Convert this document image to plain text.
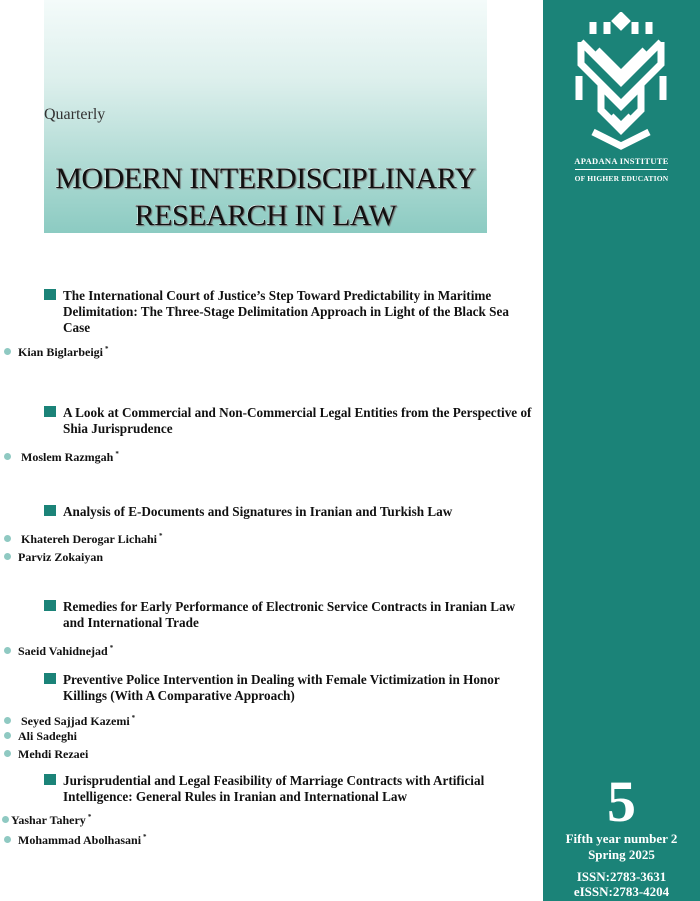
Quarterly
MODERN INTERDISCIPLINARY
RESEARCH IN LAW
APADANA INSTITUTE
OF HIGHER EDUCATION
5
Fifth year number 2
Spring 2025
ISSN:2783-3631
eISSN:2783-4204
The International Court of Justice’s Step Toward Predictability in Maritime Delimitation: The Three-Stage Delimitation Approach in Light of the Black Sea Case
Kian Biglarbeigi *
A Look at Commercial and Non-Commercial Legal Entities from the Perspective of Shia Jurisprudence
Moslem Razmgah *
Analysis of E-Documents and Signatures in Iranian and Turkish Law
Khatereh Derogar Lichahi *
Parviz Zokaiyan
Remedies for Early Performance of Electronic Service Contracts in Iranian Law and International Trade
Saeid Vahidnejad *
Preventive Police Intervention in Dealing with Female Victimization in Honor Killings (With A Comparative Approach)
Seyed Sajjad Kazemi *
Ali Sadeghi
Mehdi Rezaei
Jurisprudential and Legal Feasibility of Marriage Contracts with Artificial Intelligence: General Rules in Iranian and International Law
Yashar Tahery *
Mohammad Abolhasani *
